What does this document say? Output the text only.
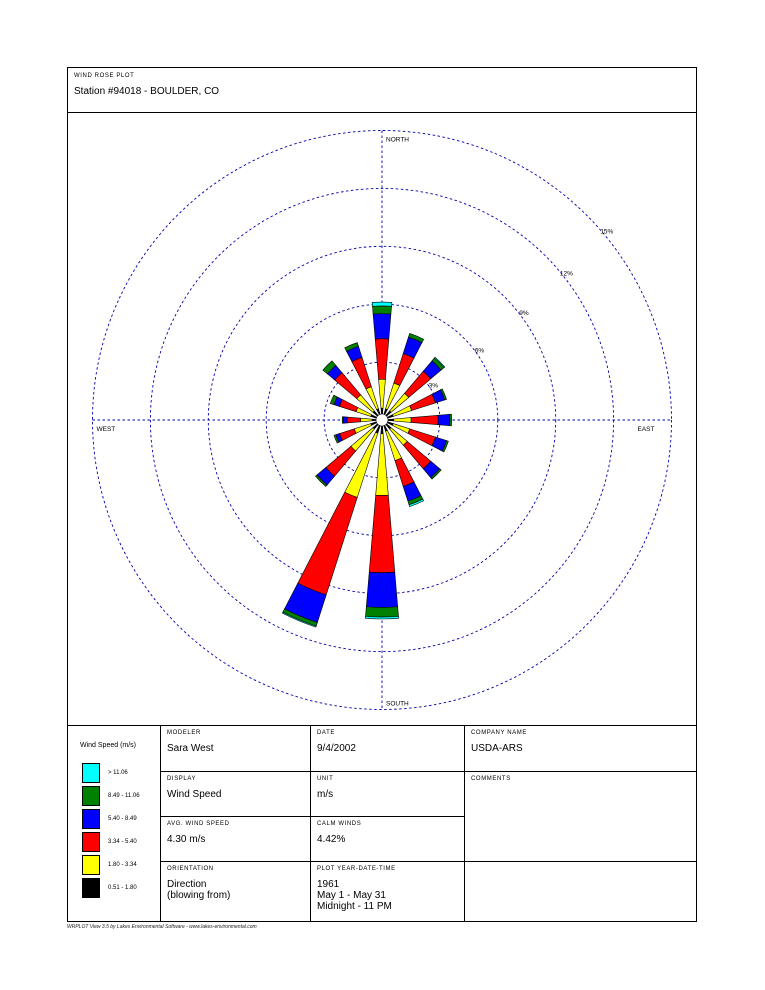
WIND ROSE PLOT
Station #94018 - BOULDER, CO
3%
6%
9%
12%
15%
NORTH
SOUTH
EAST
WEST
Wind Speed (m/s)
> 11.06
8.49 - 11.06
5.40 - 8.49
3.34 - 5.40
1.80 - 3.34
0.51 - 1.80
MODELER
Sara West
DATE
9/4/2002
COMPANY NAME
USDA-ARS
DISPLAY
Wind Speed
UNIT
m/s
COMMENTS
AVG. WIND SPEED
4.30 m/s
CALM WINDS
4.42%
ORIENTATION
Direction
(blowing from)
PLOT YEAR-DATE-TIME
1961
May 1 - May 31
Midnight - 11 PM
WRPLOT View 3.5 by Lakes Environmental Software - www.lakes-environmental.com
